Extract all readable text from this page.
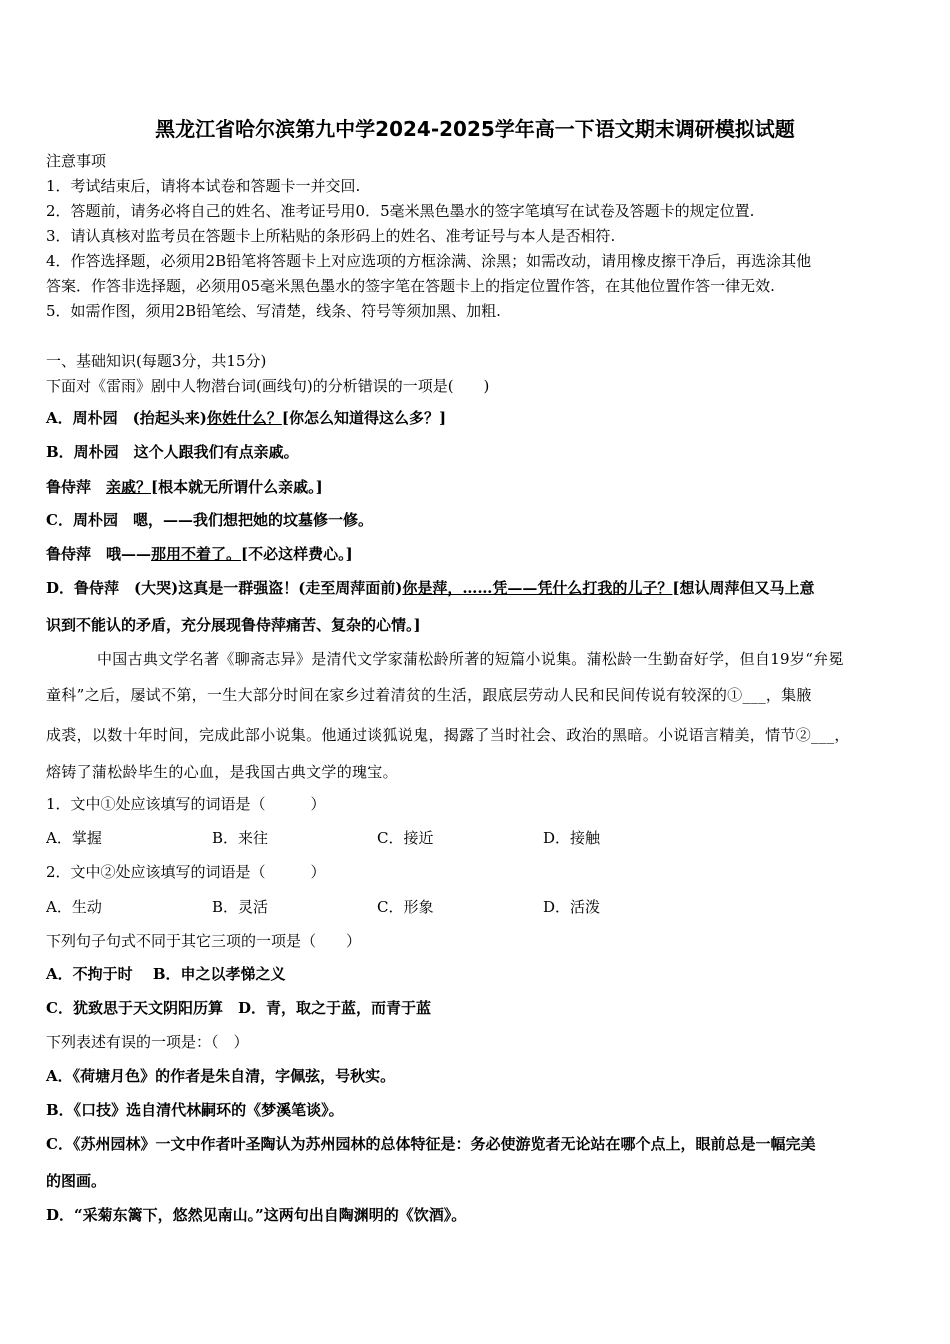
黑龙江省哈尔滨第九中学2024-2025学年高一下语文期末调研模拟试题
注意事项
1．考试结束后，请将本试卷和答题卡一并交回.
2．答题前，请务必将自己的姓名、准考证号用0．5毫米黑色墨水的签字笔填写在试卷及答题卡的规定位置.
3．请认真核对监考员在答题卡上所粘贴的条形码上的姓名、准考证号与本人是否相符.
4．作答选择题，必须用2B铅笔将答题卡上对应选项的方框涂满、涂黑；如需改动，请用橡皮擦干净后，再选涂其他
答案．作答非选择题，必须用05毫米黑色墨水的签字笔在答题卡上的指定位置作答，在其他位置作答一律无效.
5．如需作图，须用2B铅笔绘、写清楚，线条、符号等须加黑、加粗.
一、基础知识(每题3分，共15分)
下面对《雷雨》剧中人物潜台词(画线句)的分析错误的一项是(　　)
A．周朴园　(抬起头来)你姓什么？[你怎么知道得这么多？]
B．周朴园　这个人跟我们有点亲戚。
鲁侍萍　亲戚？[根本就无所谓什么亲戚。]
C．周朴园　嗯，——我们想把她的坟墓修一修。
鲁侍萍　哦——那用不着了。[不必这样费心。]
D．鲁侍萍　(大哭)这真是一群强盗！(走至周萍面前)你是萍，……凭——凭什么打我的儿子？[想认周萍但又马上意
识到不能认的矛盾，充分展现鲁侍萍痛苦、复杂的心情。]
中国古典文学名著《聊斋志异》是清代文学家蒲松龄所著的短篇小说集。蒲松龄一生勤奋好学，但自19岁“弁冕
童科”之后，屡试不第，一生大部分时间在家乡过着清贫的生活，跟底层劳动人民和民间传说有较深的①___，集腋
成裘，以数十年时间，完成此部小说集。他通过谈狐说鬼，揭露了当时社会、政治的黑暗。小说语言精美，情节②___，
熔铸了蒲松龄毕生的心血，是我国古典文学的瑰宝。
1．文中①处应该填写的词语是（　　　）
A．掌握	B．来往	C．接近	D．接触
2．文中②处应该填写的词语是（　　　）
A．生动	B．灵活	C．形象	D．活泼
下列句子句式不同于其它三项的一项是（　　）
A．不拘于时　 B．申之以孝悌之义
C．犹致思于天文阴阳历算　D．青，取之于蓝，而青于蓝
下列表述有误的一项是：（　）
A．《荷塘月色》的作者是朱自清，字佩弦，号秋实。
B．《口技》选自清代林嗣环的《梦溪笔谈》。
C．《苏州园林》一文中作者叶圣陶认为苏州园林的总体特征是：务必使游览者无论站在哪个点上，眼前总是一幅完美
的图画。
D．“采菊东篱下，悠然见南山。”这两句出自陶渊明的《饮酒》。
